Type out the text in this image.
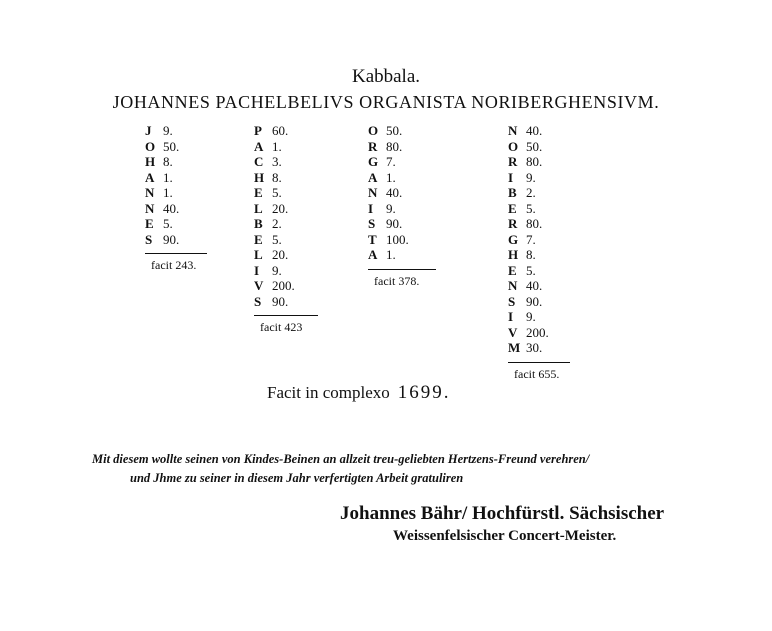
Kabbala.
JOHANNES PACHELBELIVS ORGANISTA NORIBERGHENSIVM.
J 9.
O 50.
H 8.
A 1.
N 1.
N 40.
E 5.
S 90.
facit 243.
P 60.
A 1.
C 3.
H 8.
E 5.
L 20.
B 2.
E 5.
L 20.
I 9.
V 200.
S 90.
facit 423
O 50.
R 80.
G 7.
A 1.
N 40.
I 9.
S 90.
T 100.
A 1.
facit 378.
N 40.
O 50.
R 80.
I 9.
B 2.
E 5.
R 80.
G 7.
H 8.
E 5.
N 40.
S 90.
I 9.
V 200.
M 30.
facit 655.
Facit in complexo 1699.
Mit diesem wollte seinen von Kindes-Beinen an allzeit treu-geliebten Hertzens-Freund verehren/
und Jhme zu seiner in diesem Jahr verfertigten Arbeit gratuliren
Johannes Bähr/ Hochfürstl. Sächsischer
Weissenfelsischer Concert-Meister.
